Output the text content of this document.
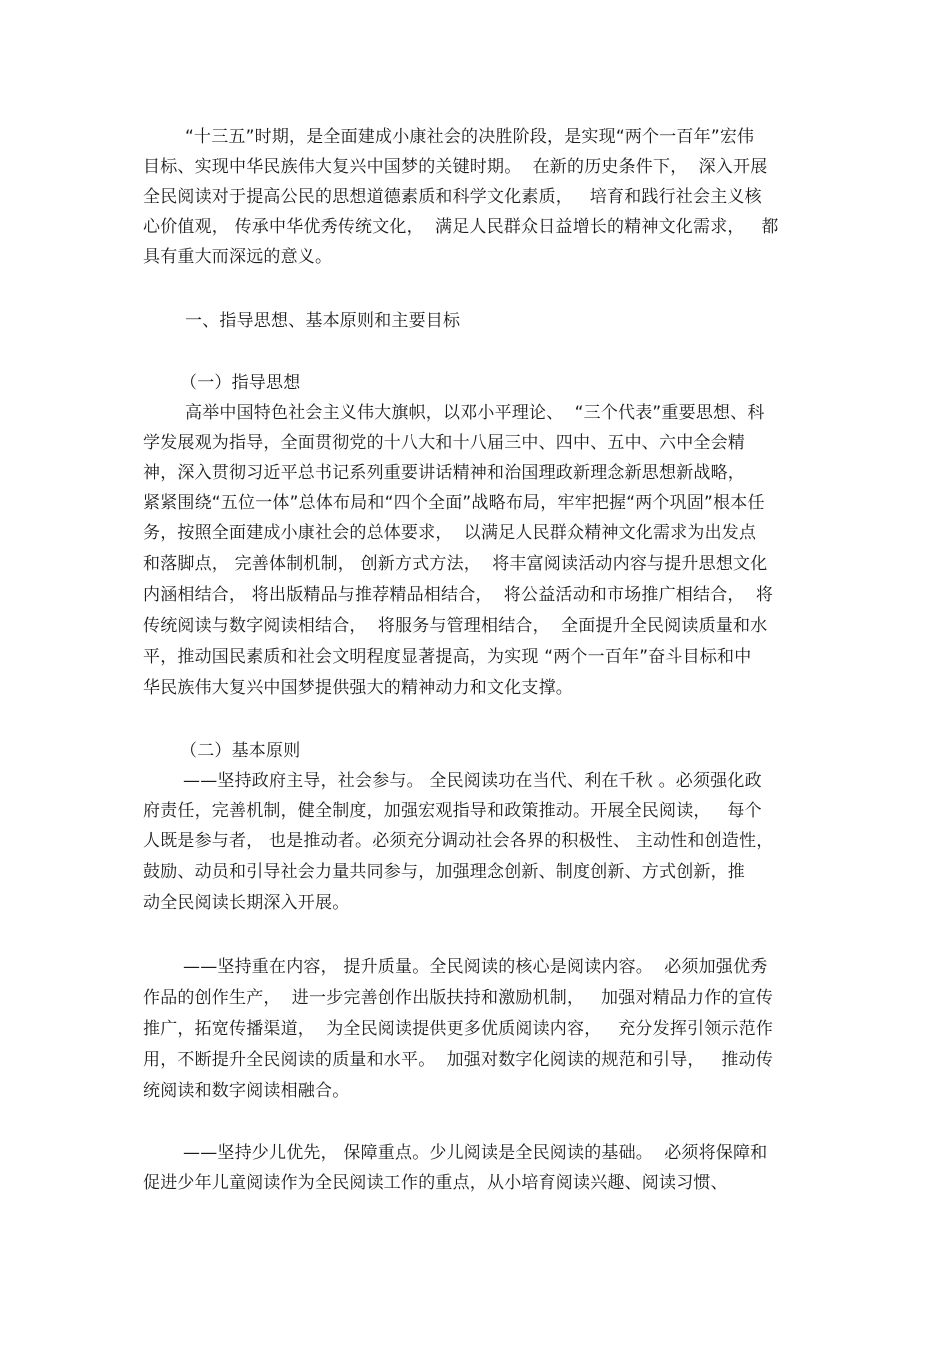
“十三五”时期，是全面建成小康社会的决胜阶段，是实现“两个一百年”宏伟
目标、实现中华民族伟大复兴中国梦的关键时期。  在新的历史条件下，  深入开展
全民阅读对于提高公民的思想道德素质和科学文化素质，   培育和践行社会主义核
心价值观， 传承中华优秀传统文化，  满足人民群众日益增长的精神文化需求，   都
具有重大而深远的意义。
一、指导思想、基本原则和主要目标
（一）指导思想
高举中国特色社会主义伟大旗帜，以邓小平理论、  “三个代表”重要思想、科
学发展观为指导，全面贯彻党的十八大和十八届三中、四中、五中、六中全会精
神，深入贯彻习近平总书记系列重要讲话精神和治国理政新理念新思想新战略，
紧紧围绕“五位一体”总体布局和“四个全面”战略布局，牢牢把握“两个巩固”根本任
务，按照全面建成小康社会的总体要求，  以满足人民群众精神文化需求为出发点
和落脚点， 完善体制机制， 创新方式方法，  将丰富阅读活动内容与提升思想文化
内涵相结合， 将出版精品与推荐精品相结合，  将公益活动和市场推广相结合，  将
传统阅读与数字阅读相结合，  将服务与管理相结合，  全面提升全民阅读质量和水
平，推动国民素质和社会文明程度显著提高，为实现 “两个一百年”奋斗目标和中
华民族伟大复兴中国梦提供强大的精神动力和文化支撑。
（二）基本原则
——坚持政府主导，社会参与。 全民阅读功在当代、利在千秋 。必须强化政
府责任，完善机制，健全制度，加强宏观指导和政策推动。开展全民阅读，   每个
人既是参与者， 也是推动者。必须充分调动社会各界的积极性、 主动性和创造性，
鼓励、动员和引导社会力量共同参与，加强理念创新、制度创新、方式创新，推
动全民阅读长期深入开展。
——坚持重在内容， 提升质量。全民阅读的核心是阅读内容。  必须加强优秀
作品的创作生产，  进一步完善创作出版扶持和激励机制，   加强对精品力作的宣传
推广，拓宽传播渠道，  为全民阅读提供更多优质阅读内容，   充分发挥引领示范作
用，不断提升全民阅读的质量和水平。  加强对数字化阅读的规范和引导，   推动传
统阅读和数字阅读相融合。
——坚持少儿优先， 保障重点。少儿阅读是全民阅读的基础。  必须将保障和
促进少年儿童阅读作为全民阅读工作的重点，从小培育阅读兴趣、阅读习惯、
